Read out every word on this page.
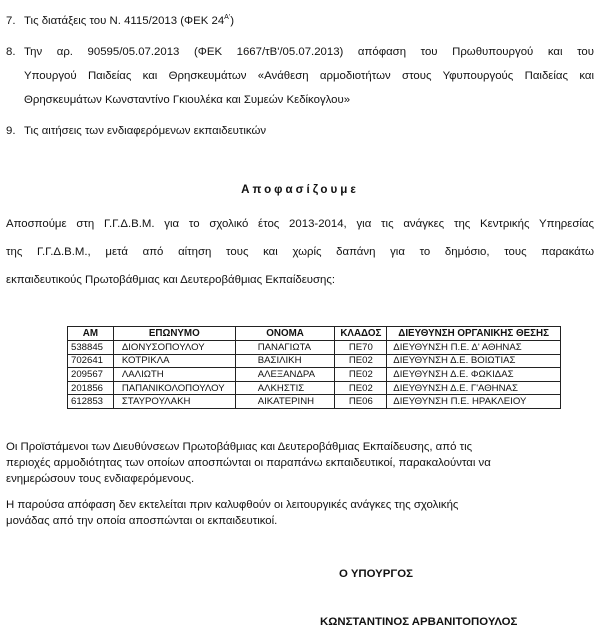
7. Τις διατάξεις του Ν. 4115/2013 (ΦΕΚ $24^{A'}$)
8. Την αρ. 90595/05.07.2013 (ΦΕΚ 1667/τΒ'/05.07.2013) απόφαση του Πρωθυπουργού και του
Υπουργού Παιδείας και Θρησκευμάτων «Ανάθεση αρμοδιοτήτων στους Υφυπουργούς Παιδείας και
Θρησκευμάτων Κωνσταντίνο Γκιουλέκα και Συμεών Κεδίκογλου»
9. Τις αιτήσεις των ενδιαφερόμενων εκπαιδευτικών
Αποφασίζουμε
Αποσπούμε στη Γ.Γ.Δ.Β.Μ. για το σχολικό έτος 2013-2014, για τις ανάγκες της Κεντρικής Υπηρεσίας
της Γ.Γ.Δ.Β.Μ., μετά από αίτηση τους και χωρίς δαπάνη για το δημόσιο, τους παρακάτω
εκπαιδευτικούς Πρωτοβάθμιας και Δευτεροβάθμιας Εκπαίδευσης:
ΑΜ	ΕΠΩΝΥΜΟ	ΟΝΟΜΑ	ΚΛΑΔΟΣ	ΔΙΕΥΘΥΝΣΗ ΟΡΓΑΝΙΚΗΣ ΘΕΣΗΣ
538845	ΔΙΟΝΥΣΟΠΟΥΛΟΥ	ΠΑΝΑΓΙΩΤΑ	ΠΕ70	ΔΙΕΥΘΥΝΣΗ Π.Ε. Δ' ΑΘΗΝΑΣ
702641	ΚΟΤΡΙΚΛΑ	ΒΑΣΙΛΙΚΗ	ΠΕ02	ΔΙΕΥΘΥΝΣΗ Δ.Ε. ΒΟΙΩΤΙΑΣ
209567	ΛΑΛΙΩΤΗ	ΑΛΕΞΑΝΔΡΑ	ΠΕ02	ΔΙΕΥΘΥΝΣΗ Δ.Ε. ΦΩΚΙΔΑΣ
201856	ΠΑΠΑΝΙΚΟΛΟΠΟΥΛΟΥ	ΑΛΚΗΣΤΙΣ	ΠΕ02	ΔΙΕΥΘΥΝΣΗ Δ.Ε. Γ'ΑΘΗΝΑΣ
612853	ΣΤΑΥΡΟΥΛΑΚΗ	ΑΙΚΑΤΕΡΙΝΗ	ΠΕ06	ΔΙΕΥΘΥΝΣΗ Π.Ε. ΗΡΑΚΛΕΙΟΥ
Οι Προϊστάμενοι των Διευθύνσεων Πρωτοβάθμιας και Δευτεροβάθμιας Εκπαίδευσης, από τις
περιοχές αρμοδιότητας των οποίων αποσπώνται οι παραπάνω εκπαιδευτικοί, παρακαλούνται να
ενημερώσουν τους ενδιαφερόμενους.
Η παρούσα απόφαση δεν εκτελείται πριν καλυφθούν οι λειτουργικές ανάγκες της σχολικής
μονάδας από την οποία αποσπώνται οι εκπαιδευτικοί.
Ο ΥΠΟΥΡΓΟΣ
ΚΩΝΣΤΑΝΤΙΝΟΣ ΑΡΒΑΝΙΤΟΠΟΥΛΟΣ
